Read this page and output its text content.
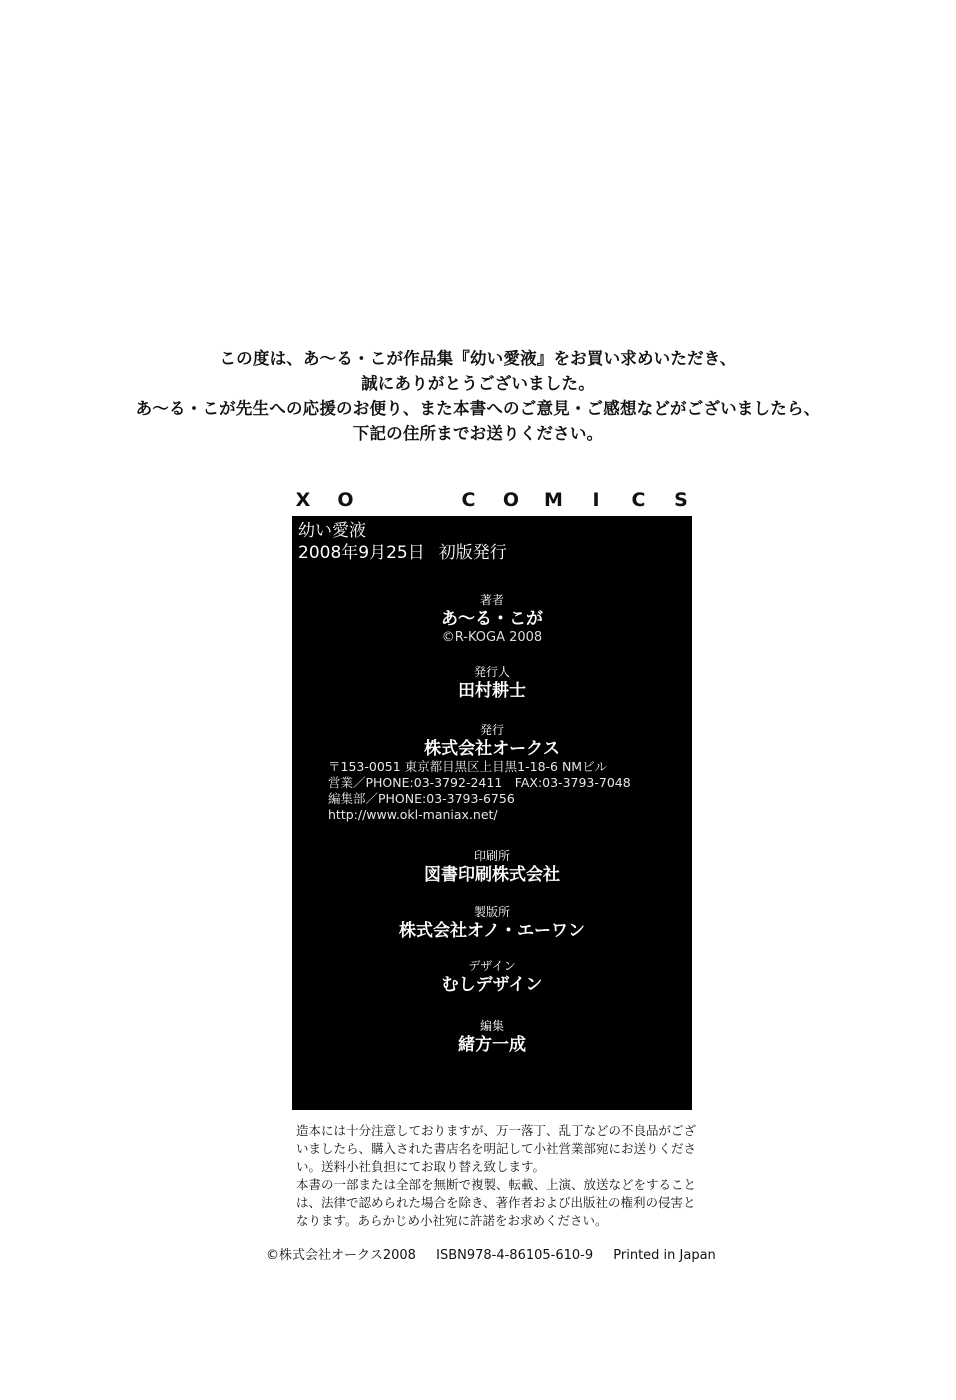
この度は、あ〜る・こが作品集『幼い愛液』をお買い求めいただき、
誠にありがとうございました。
あ〜る・こが先生への応援のお便り、また本書へのご意見・ご感想などがございましたら、
下記の住所までお送りください。
X O	C O M	I	C S
幼い愛液
2008年9月25日 初版発行
著者
あ〜る・こが
©R-KOGA 2008
発行人
田村耕士
発行
株式会社オークス
〒153-0051 東京都目黒区上目黒1-18-6 NMビル
営業／PHONE:03-3792-2411　FAX:03-3793-7048
編集部／PHONE:03-3793-6756
http://www.okl-maniax.net/
印刷所
図書印刷株式会社
製版所
株式会社オノ・エーワン
デザイン
むしデザイン
編集
緒方一成
造本には十分注意しておりますが、万一落丁、乱丁などの不良品がござ
いましたら、購入された書店名を明記して小社営業部宛にお送りくださ
い。送料小社負担にてお取り替え致します。
本書の一部または全部を無断で複製、転載、上演、放送などをすること
は、法律で認められた場合を除き、著作者および出版社の権利の侵害と
なります。あらかじめ小社宛に許諾をお求めください。
©株式会社オークス2008 ISBN978-4-86105-610-9 Printed in Japan
